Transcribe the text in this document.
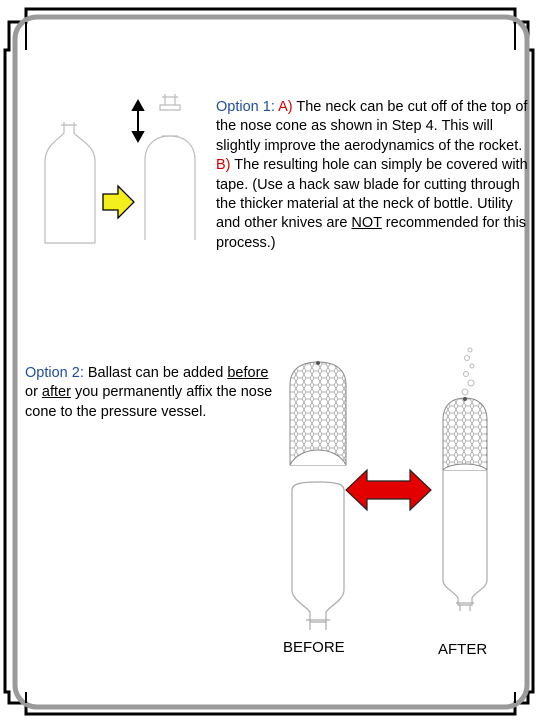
Option 1: A) The neck can be cut off of the top of the nose cone as shown in Step 4. This will slightly improve the aerodynamics of the rocket. B) The resulting hole can simply be covered with tape. (Use a hack saw blade for cutting through the thicker material at the neck of bottle. Utility and other knives are NOT recommended for this process.)
Option 2: Ballast can be added before or after you permanently affix the nose cone to the pressure vessel.
BEFORE	AFTER
